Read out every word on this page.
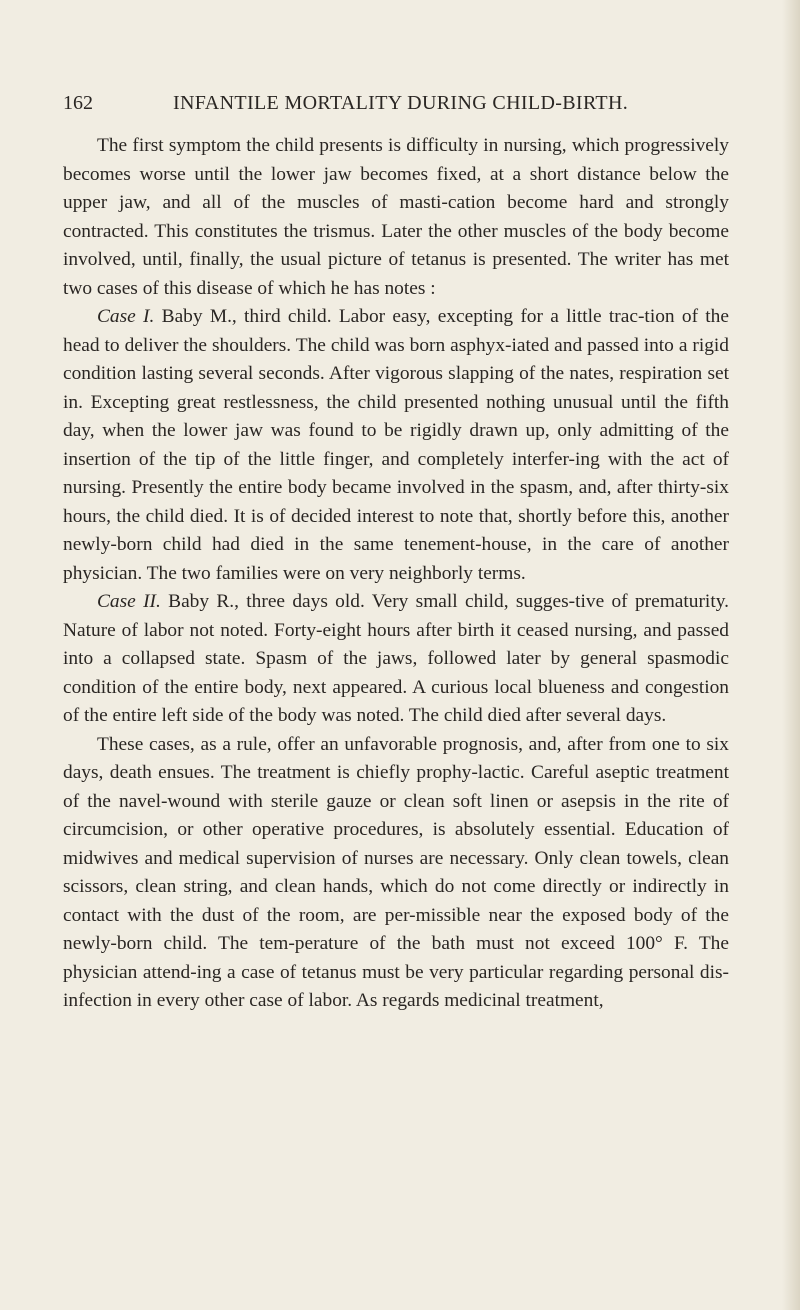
162	INFANTILE MORTALITY DURING CHILD-BIRTH.

The first symptom the child presents is difficulty in nursing, which progressively becomes worse until the lower jaw becomes fixed, at a short distance below the upper jaw, and all of the muscles of masti-cation become hard and strongly contracted. This constitutes the trismus. Later the other muscles of the body become involved, until, finally, the usual picture of tetanus is presented. The writer has met two cases of this disease of which he has notes :

Case I. Baby M., third child. Labor easy, excepting for a little trac-tion of the head to deliver the shoulders. The child was born asphyx-iated and passed into a rigid condition lasting several seconds. After vigorous slapping of the nates, respiration set in. Excepting great restlessness, the child presented nothing unusual until the fifth day, when the lower jaw was found to be rigidly drawn up, only admitting of the insertion of the tip of the little finger, and completely interfer-ing with the act of nursing. Presently the entire body became involved in the spasm, and, after thirty-six hours, the child died. It is of decided interest to note that, shortly before this, another newly-born child had died in the same tenement-house, in the care of another physician. The two families were on very neighborly terms.

Case II. Baby R., three days old. Very small child, sugges-tive of prematurity. Nature of labor not noted. Forty-eight hours after birth it ceased nursing, and passed into a collapsed state. Spasm of the jaws, followed later by general spasmodic condition of the entire body, next appeared. A curious local blueness and congestion of the entire left side of the body was noted. The child died after several days.

These cases, as a rule, offer an unfavorable prognosis, and, after from one to six days, death ensues. The treatment is chiefly prophy-lactic. Careful aseptic treatment of the navel-wound with sterile gauze or clean soft linen or asepsis in the rite of circumcision, or other operative procedures, is absolutely essential. Education of midwives and medical supervision of nurses are necessary. Only clean towels, clean scissors, clean string, and clean hands, which do not come directly or indirectly in contact with the dust of the room, are per-missible near the exposed body of the newly-born child. The tem-perature of the bath must not exceed 100° F. The physician attend-ing a case of tetanus must be very particular regarding personal dis-infection in every other case of labor. As regards medicinal treatment,
